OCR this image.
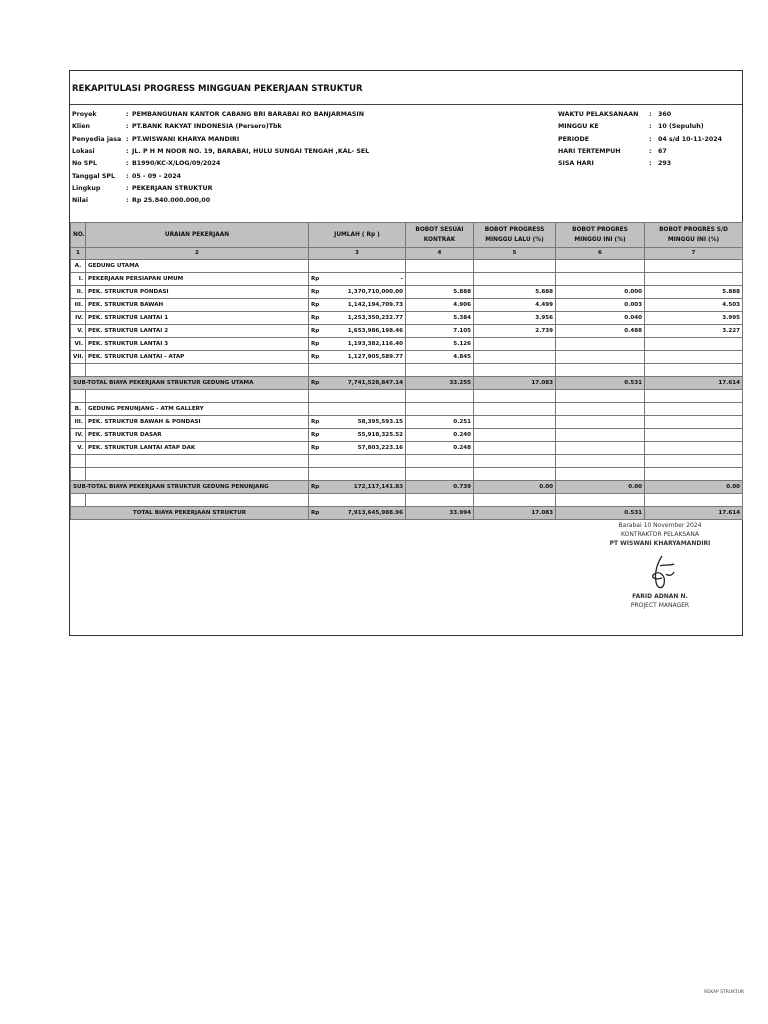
REKAPITULASI PROGRESS MINGGUAN PEKERJAAN STRUKTUR
Proyek	: PEMBANGUNAN KANTOR CABANG BRI BARABAI RO BANJARMASIN
Klien	: PT.BANK RAKYAT INDONESIA (Persero)Tbk
Penyedia jasa : PT.WISWANI KHARYA MANDIRI
Lokasi	: JL. P H M NOOR NO. 19, BARABAI, HULU SUNGAI TENGAH ,KAL- SEL
No SPL	: B1990/KC-X/LOG/09/2024
Tanggal SPL : 05 - 09 - 2024
Lingkup	: PEKERJAAN STRUKTUR
Nilai	: Rp 25.840.000.000,00
WAKTU PELAKSANAAN : 360
MINGGU KE	: 10 (Sepuluh)
PERIODE	: 04 s/d 10-11-2024
HARI TERTEMPUH	: 67
SISA HARI	: 293
NO.	URAIAN PEKERJAAN	JUMLAH ( Rp )	BOBOT SESUAI KONTRAK	BOBOT PROGRESS MINGGU LALU (%)	BOBOT PROGRES MINGGU INI (%)	BOBOT PROGRES S/D MINGGU INI (%)
1	2	3	4	5	6	7
A.	GEDUNG UTAMA					
I.	PEKERJAAN PERSIAPAN UMUM	Rp -				

II.	PEK. STRUKTUR PONDASI	Rp 1,370,710,000.00	5.888	5.888	0.000	5.888
III.	PEK. STRUKTUR BAWAH	Rp 1,142,194,709.73	4.906	4.499	0.003	4.503
IV.	PEK. STRUKTUR LANTAI 1	Rp 1,253,350,232.77	5.384	3.956	0.040	3.995
V.	PEK. STRUKTUR LANTAI 2	Rp 1,653,986,198.46	7.105	2.739	0.488	3.227
VI.	PEK. STRUKTUR LANTAI 3	Rp 1,193,382,116.40	5.126			
VII.	PEK. STRUKTUR LANTAI - ATAP	Rp 1,127,905,589.77	4.845			

SUB-TOTAL BIAYA PEKERJAAN STRUKTUR GEDUNG UTAMA		Rp 7,741,528,847.14	33.255	17.083	0.531	17.614

B.	GEDUNG PENUNJANG - ATM GALLERY					
III.	PEK. STRUKTUR BAWAH & PONDASI	Rp 58,395,593.15	0.251			
IV.	PEK. STRUKTUR DASAR	Rp 55,918,325.52	0.240			
V.	PEK. STRUKTUR LANTAI ATAP DAK	Rp 57,803,223.16	0.248			

SUB-TOTAL BIAYA PEKERJAAN STRUKTUR GEDUNG PENUNJANG		Rp 172,117,141.83	0.739	0.00	0.00	0.00

TOTAL BIAYA PEKERJAAN STRUKTUR		Rp 7,913,645,988.96	33.994	17.083	0.531	17.614
Barabai 10 November 2024
KONTRAKTOR PELAKSANA
PT WISWANI KHARYAMANDIRI
FARID ADNAN N.
PROJECT MANAGER
REKAP STRUKTUR
